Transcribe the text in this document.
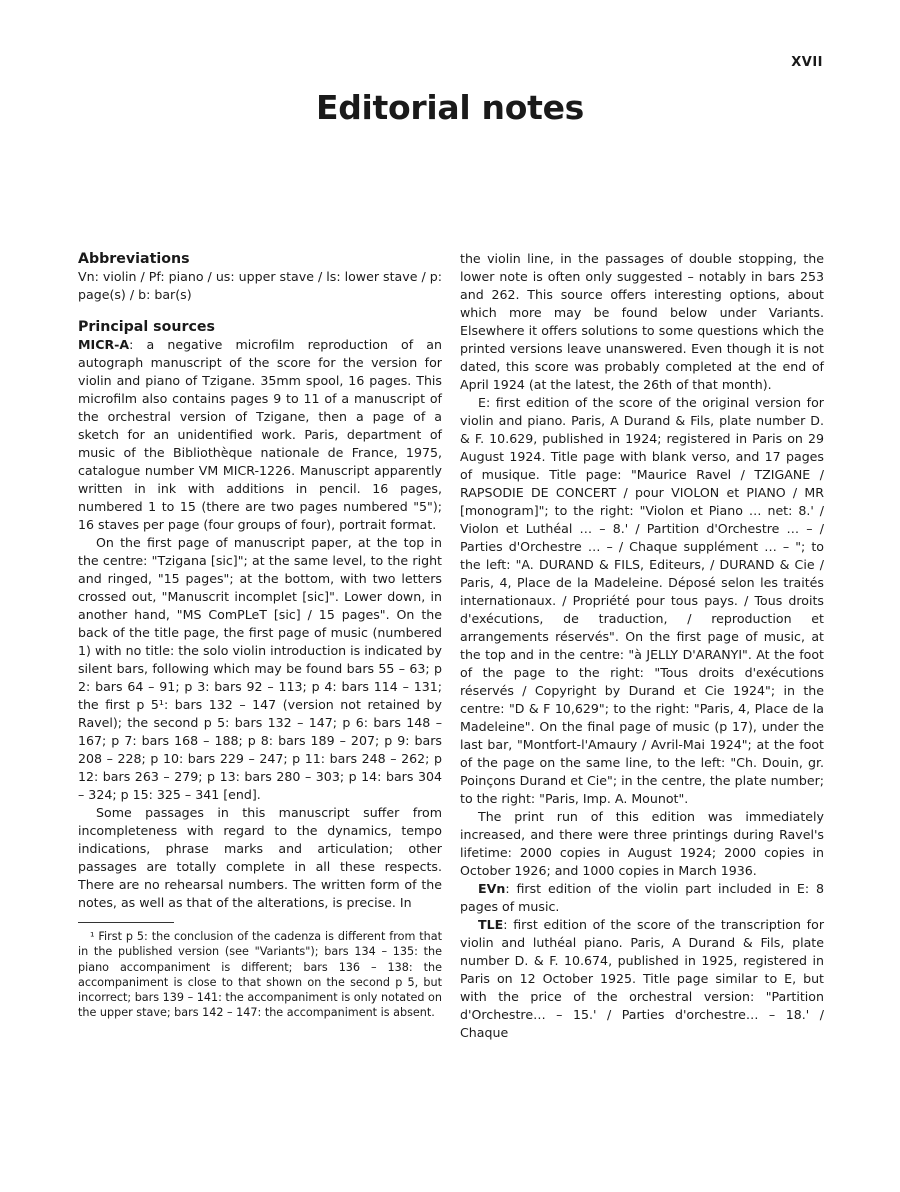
XVII
Editorial notes
Abbreviations

Vn: violin / Pf: piano / us: upper stave / ls: lower stave / p: page(s) / b: bar(s)

Principal sources

MICR-A: a negative microfilm reproduction of an autograph manuscript of the score for the version for violin and piano of Tzigane. 35mm spool, 16 pages. This microfilm also contains pages 9 to 11 of a manuscript of the orchestral version of Tzigane, then a page of a sketch for an unidentified work. Paris, department of music of the Bibliothèque nationale de France, 1975, catalogue number VM MICR-1226. Manuscript apparently written in ink with additions in pencil. 16 pages, numbered 1 to 15 (there are two pages numbered "5"); 16 staves per page (four groups of four), portrait format.

On the first page of manuscript paper, at the top in the centre: "Tzigana [sic]"; at the same level, to the right and ringed, "15 pages"; at the bottom, with two letters crossed out, "Manuscrit incomplet [sic]". Lower down, in another hand, "MS ComPLeT [sic] / 15 pages". On the back of the title page, the first page of music (numbered 1) with no title: the solo violin introduction is indicated by silent bars, following which may be found bars 55 – 63; p 2: bars 64 – 91; p 3: bars 92 – 113; p 4: bars 114 – 131; the first p 5¹: bars 132 – 147 (version not retained by Ravel); the second p 5: bars 132 – 147; p 6: bars 148 – 167; p 7: bars 168 – 188; p 8: bars 189 – 207; p 9: bars 208 – 228; p 10: bars 229 – 247; p 11: bars 248 – 262; p 12: bars 263 – 279; p 13: bars 280 – 303; p 14: bars 304 – 324; p 15: 325 – 341 [end].

Some passages in this manuscript suffer from incompleteness with regard to the dynamics, tempo indications, phrase marks and articulation; other passages are totally complete in all these respects. There are no rehearsal numbers. The written form of the notes, as well as that of the alterations, is precise. In

¹ First p 5: the conclusion of the cadenza is different from that in the published version (see "Variants"); bars 134 – 135: the piano accompaniment is different; bars 136 – 138: the accompaniment is close to that shown on the second p 5, but incorrect; bars 139 – 141: the accompaniment is only notated on the upper stave; bars 142 – 147: the accompaniment is absent.

the violin line, in the passages of double stopping, the lower note is often only suggested – notably in bars 253 and 262. This source offers interesting options, about which more may be found below under Variants. Elsewhere it offers solutions to some questions which the printed versions leave unanswered. Even though it is not dated, this score was probably completed at the end of April 1924 (at the latest, the 26th of that month).

E: first edition of the score of the original version for violin and piano. Paris, A Durand & Fils, plate number D. & F. 10.629, published in 1924; registered in Paris on 29 August 1924. Title page with blank verso, and 17 pages of musique. Title page: "Maurice Ravel / TZIGANE / RAPSODIE DE CONCERT / pour VIOLON et PIANO / MR [monogram]"; to the right: "Violon et Piano … net: 8.' / Violon et Luthéal … – 8.' / Partition d'Orchestre … – / Parties d'Orchestre … – / Chaque supplément … – "; to the left: "A. DURAND & FILS, Editeurs, / DURAND & Cie / Paris, 4, Place de la Madeleine. Déposé selon les traités internationaux. / Propriété pour tous pays. / Tous droits d'exécutions, de traduction, / reproduction et arrangements réservés". On the first page of music, at the top and in the centre: "à JELLY D'ARANYI". At the foot of the page to the right: "Tous droits d'exécutions réservés / Copyright by Durand et Cie 1924"; in the centre: "D & F 10,629"; to the right: "Paris, 4, Place de la Madeleine". On the final page of music (p 17), under the last bar, "Montfort-l'Amaury / Avril-Mai 1924"; at the foot of the page on the same line, to the left: "Ch. Douin, gr. Poinçons Durand et Cie"; in the centre, the plate number; to the right: "Paris, Imp. A. Mounot".

The print run of this edition was immediately increased, and there were three printings during Ravel's lifetime: 2000 copies in August 1924; 2000 copies in October 1926; and 1000 copies in March 1936.

EVn: first edition of the violin part included in E: 8 pages of music.

TLE: first edition of the score of the transcription for violin and luthéal piano. Paris, A Durand & Fils, plate number D. & F. 10.674, published in 1925, registered in Paris on 12 October 1925. Title page similar to E, but with the price of the orchestral version: "Partition d'Orchestre… – 15.' / Parties d'orchestre… – 18.' / Chaque
